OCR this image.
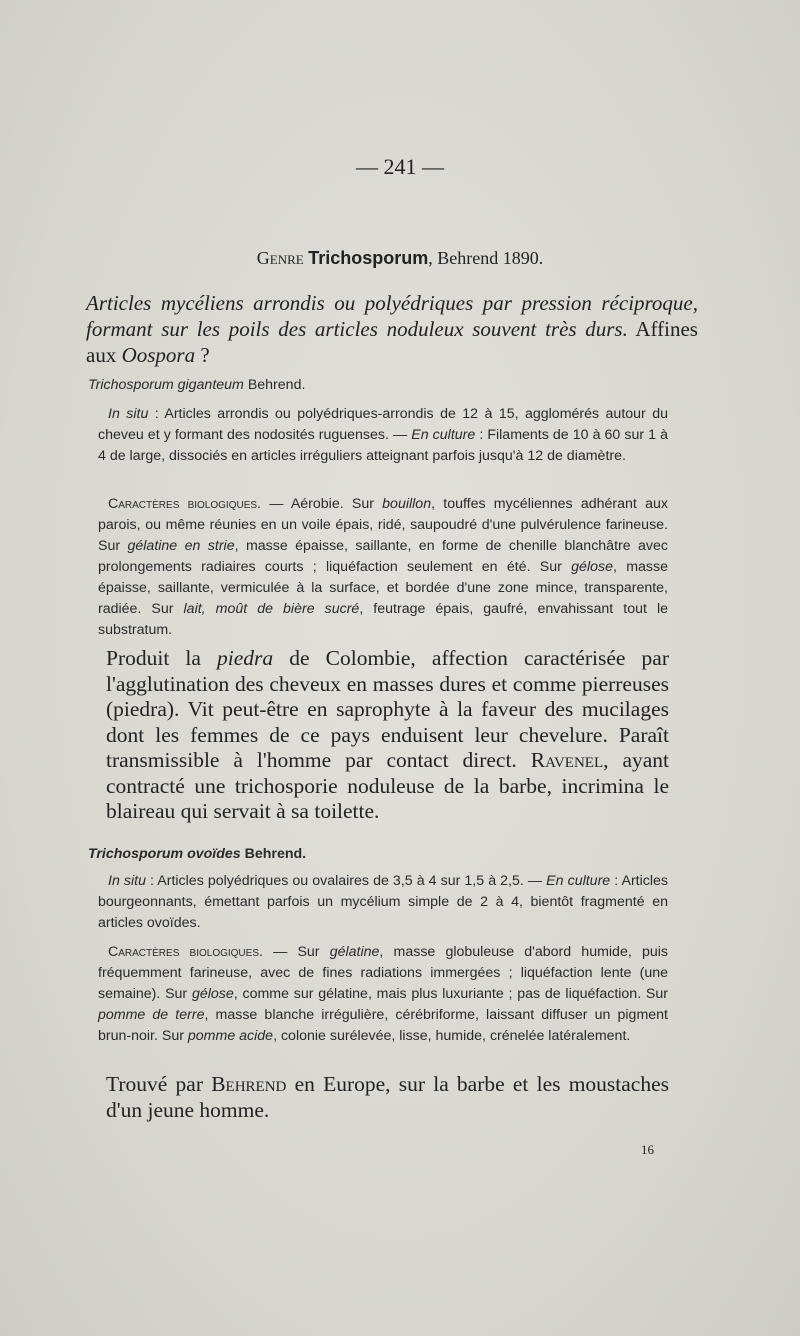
— 241 —

Genre Trichosporum, Behrend 1890.

Articles mycéliens arrondis ou polyédriques par pression réciproque, formant sur les poils des articles noduleux souvent très durs. Affines aux Oospora ?

Trichosporum giganteum Behrend.

In situ : Articles arrondis ou polyédriques-arrondis de 12 à 15, agglomérés autour du cheveu et y formant des nodosités ruguenses. — En culture : Filaments de 10 à 60 sur 1 à 4 de large, dissociés en articles irréguliers atteignant parfois jusqu'à 12 de diamètre.

Caractères biologiques. — Aérobie. Sur bouillon, touffes mycéliennes adhérant aux parois, ou même réunies en un voile épais, ridé, saupoudré d'une pulvérulence farineuse. Sur gélatine en strie, masse épaisse, saillante, en forme de chenille blanchâtre avec prolongements radiaires courts ; liquéfaction seulement en été. Sur gélose, masse épaisse, saillante, vermiculée à la surface, et bordée d'une zone mince, transparente, radiée. Sur lait, moût de bière sucré, feutrage épais, gaufré, envahissant tout le substratum.

Produit la piedra de Colombie, affection caractérisée par l'agglutination des cheveux en masses dures et comme pierreuses (piedra). Vit peut-être en saprophyte à la faveur des mucilages dont les femmes de ce pays enduisent leur chevelure. Paraît transmissible à l'homme par contact direct. Ravenel, ayant contracté une trichosporie noduleuse de la barbe, incrimina le blaireau qui servait à sa toilette.

Trichosporum ovoïdes Behrend.

In situ : Articles polyédriques ou ovalaires de 3,5 à 4 sur 1,5 à 2,5. — En culture : Articles bourgeonnants, émettant parfois un mycélium simple de 2 à 4, bientôt fragmenté en articles ovoïdes.

Caractères biologiques. — Sur gélatine, masse globuleuse d'abord humide, puis fréquemment farineuse, avec de fines radiations immergées ; liquéfaction lente (une semaine). Sur gélose, comme sur gélatine, mais plus luxuriante ; pas de liquéfaction. Sur pomme de terre, masse blanche irrégulière, cérébriforme, laissant diffuser un pigment brun-noir. Sur pomme acide, colonie surélevée, lisse, humide, crénelée latéralement.

Trouvé par Behrend en Europe, sur la barbe et les moustaches d'un jeune homme.

16
